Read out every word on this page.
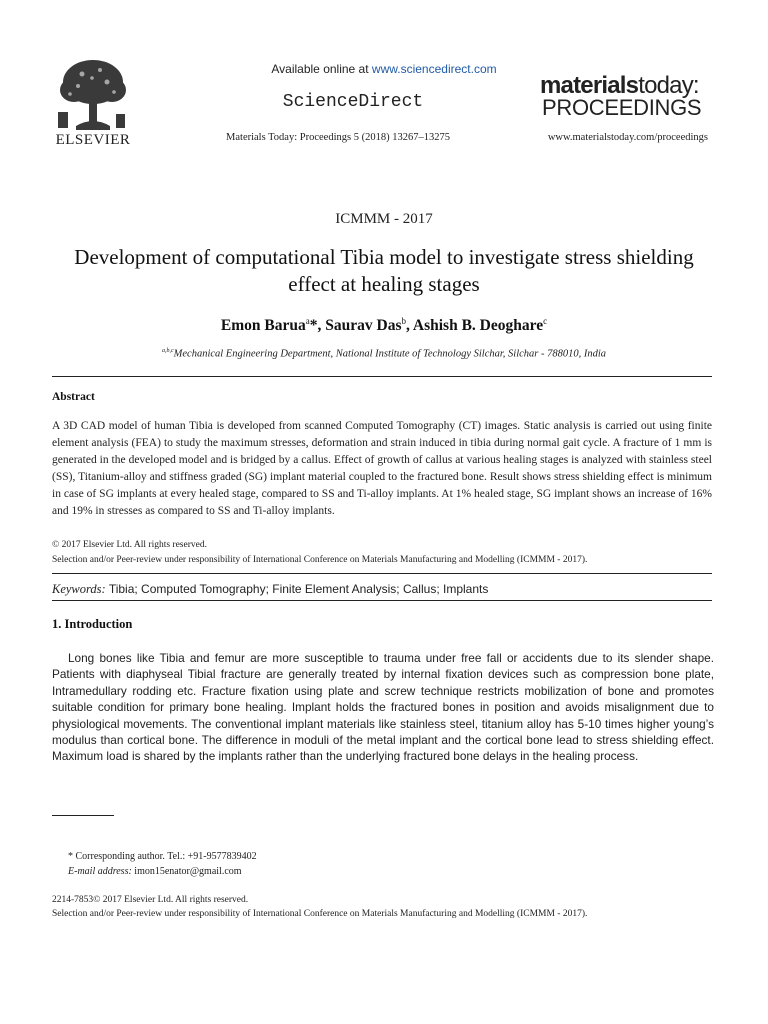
ELSEVIER
Available online at www.sciencedirect.com
ScienceDirect
Materials Today: Proceedings 5 (2018) 13267–13275
materialstoday:
PROCEEDINGS
www.materialstoday.com/proceedings
ICMMM - 2017
Development of computational Tibia model to investigate stress shielding effect at healing stages
Emon Barua$^a$*, Saurav Das$^b$, Ashish B. Deoghare$^c$
$^{a,b,c}$Mechanical Engineering Department, National Institute of Technology Silchar, Silchar - 788010, India
Abstract
A 3D CAD model of human Tibia is developed from scanned Computed Tomography (CT) images. Static analysis is carried out using finite element analysis (FEA) to study the maximum stresses, deformation and strain induced in tibia during normal gait cycle. A fracture of 1 mm is generated in the developed model and is bridged by a callus. Effect of growth of callus at various healing stages is analyzed with stainless steel (SS), Titanium-alloy and stiffness graded (SG) implant material coupled to the fractured bone. Result shows stress shielding effect is minimum in case of SG implants at every healed stage, compared to SS and Ti-alloy implants. At 1% healed stage, SG implant shows an increase of 16% and 19% in stresses as compared to SS and Ti-alloy implants.
© 2017 Elsevier Ltd. All rights reserved.
Selection and/or Peer-review under responsibility of International Conference on Materials Manufacturing and Modelling (ICMMM - 2017).
Keywords: Tibia; Computed Tomography; Finite Element Analysis; Callus; Implants
1. Introduction
Long bones like Tibia and femur are more susceptible to trauma under free fall or accidents due to its slender shape. Patients with diaphyseal Tibial fracture are generally treated by internal fixation devices such as compression bone plate, Intramedullary rodding etc. Fracture fixation using plate and screw technique restricts mobilization of bone and promotes suitable condition for primary bone healing. Implant holds the fractured bones in position and avoids misalignment due to physiological movements. The conventional implant materials like stainless steel, titanium alloy has 5-10 times higher young’s modulus than cortical bone. The difference in moduli of the metal implant and the cortical bone lead to stress shielding effect. Maximum load is shared by the implants rather than the underlying fractured bone delays in the healing process.
* Corresponding author. Tel.: +91-9577839402
E-mail address: imon15enator@gmail.com
2214-7853© 2017 Elsevier Ltd. All rights reserved.
Selection and/or Peer-review under responsibility of International Conference on Materials Manufacturing and Modelling (ICMMM - 2017).
